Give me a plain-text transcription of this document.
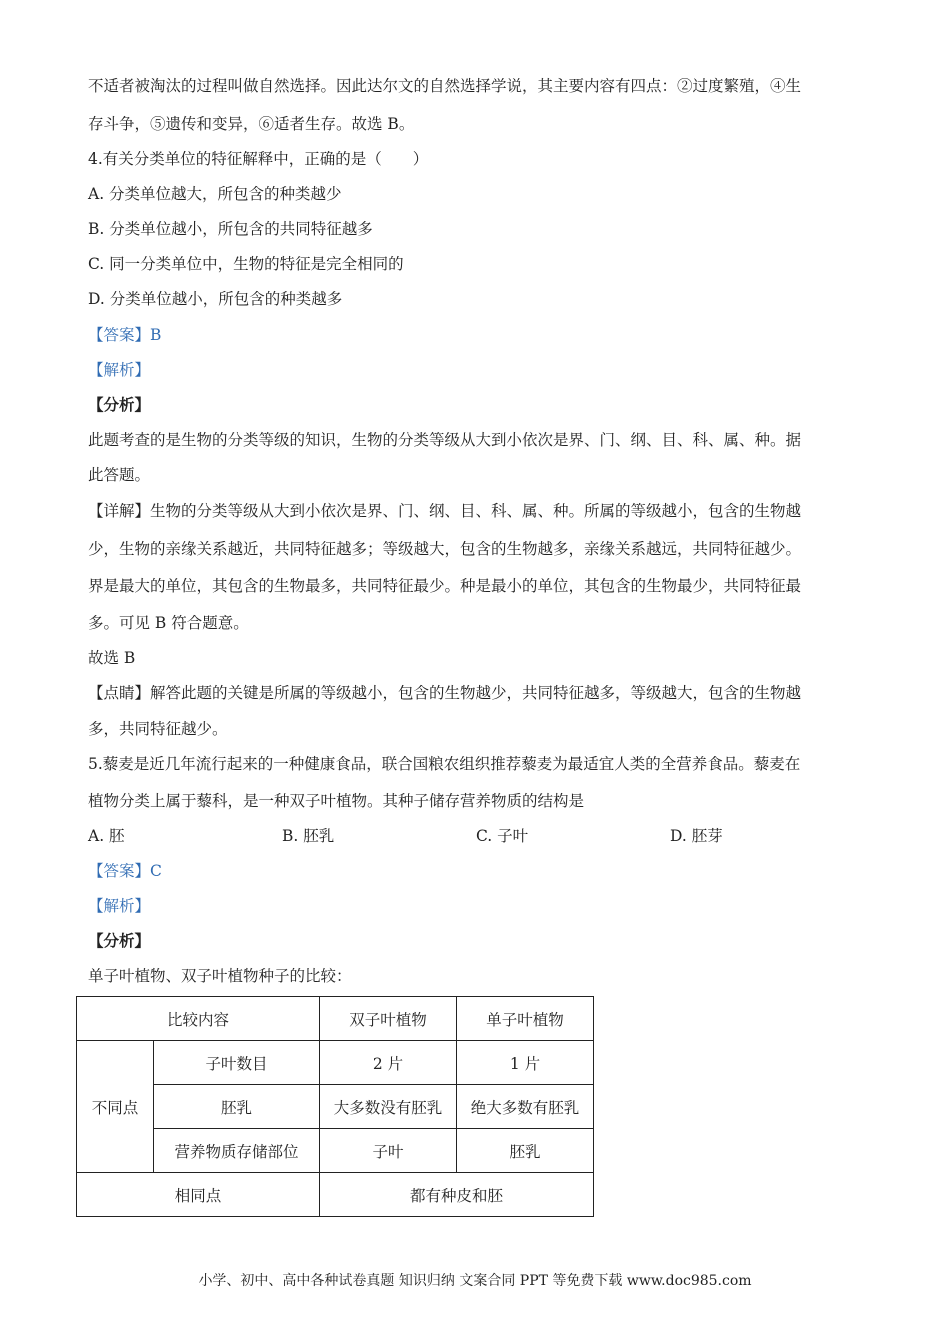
不适者被淘汰的过程叫做自然选择。因此达尔文的自然选择学说，其主要内容有四点：②过度繁殖，④生
存斗争，⑤遗传和变异，⑥适者生存。故选 B。
4.有关分类单位的特征解释中，正确的是（　　）
A. 分类单位越大，所包含的种类越少
B. 分类单位越小，所包含的共同特征越多
C. 同一分类单位中，生物的特征是完全相同的
D. 分类单位越小，所包含的种类越多
【答案】B
【解析】
【分析】
此题考查的是生物的分类等级的知识，生物的分类等级从大到小依次是界、门、纲、目、科、属、种。据
此答题。
【详解】生物的分类等级从大到小依次是界、门、纲、目、科、属、种。所属的等级越小，包含的生物越
少，生物的亲缘关系越近，共同特征越多；等级越大，包含的生物越多，亲缘关系越远，共同特征越少。
界是最大的单位，其包含的生物最多，共同特征最少。种是最小的单位，其包含的生物最少，共同特征最
多。可见 B 符合题意。
故选 B
【点睛】解答此题的关键是所属的等级越小，包含的生物越少，共同特征越多，等级越大，包含的生物越
多，共同特征越少。
5.藜麦是近几年流行起来的一种健康食品，联合国粮农组织推荐藜麦为最适宜人类的全营养食品。藜麦在
植物分类上属于藜科，是一种双子叶植物。其种子储存营养物质的结构是
A. 胚	B. 胚乳	C. 子叶	D. 胚芽
【答案】C
【解析】
【分析】
单子叶植物、双子叶植物种子的比较：
比较内容		双子叶植物	单子叶植物
不同点	子叶数目	2 片	1 片
	胚乳	大多数没有胚乳	绝大多数有胚乳
	营养物质存储部位	子叶	胚乳
相同点		都有种皮和胚	
小学、初中、高中各种试卷真题 知识归纳 文案合同 PPT 等免费下载 www.doc985.com
